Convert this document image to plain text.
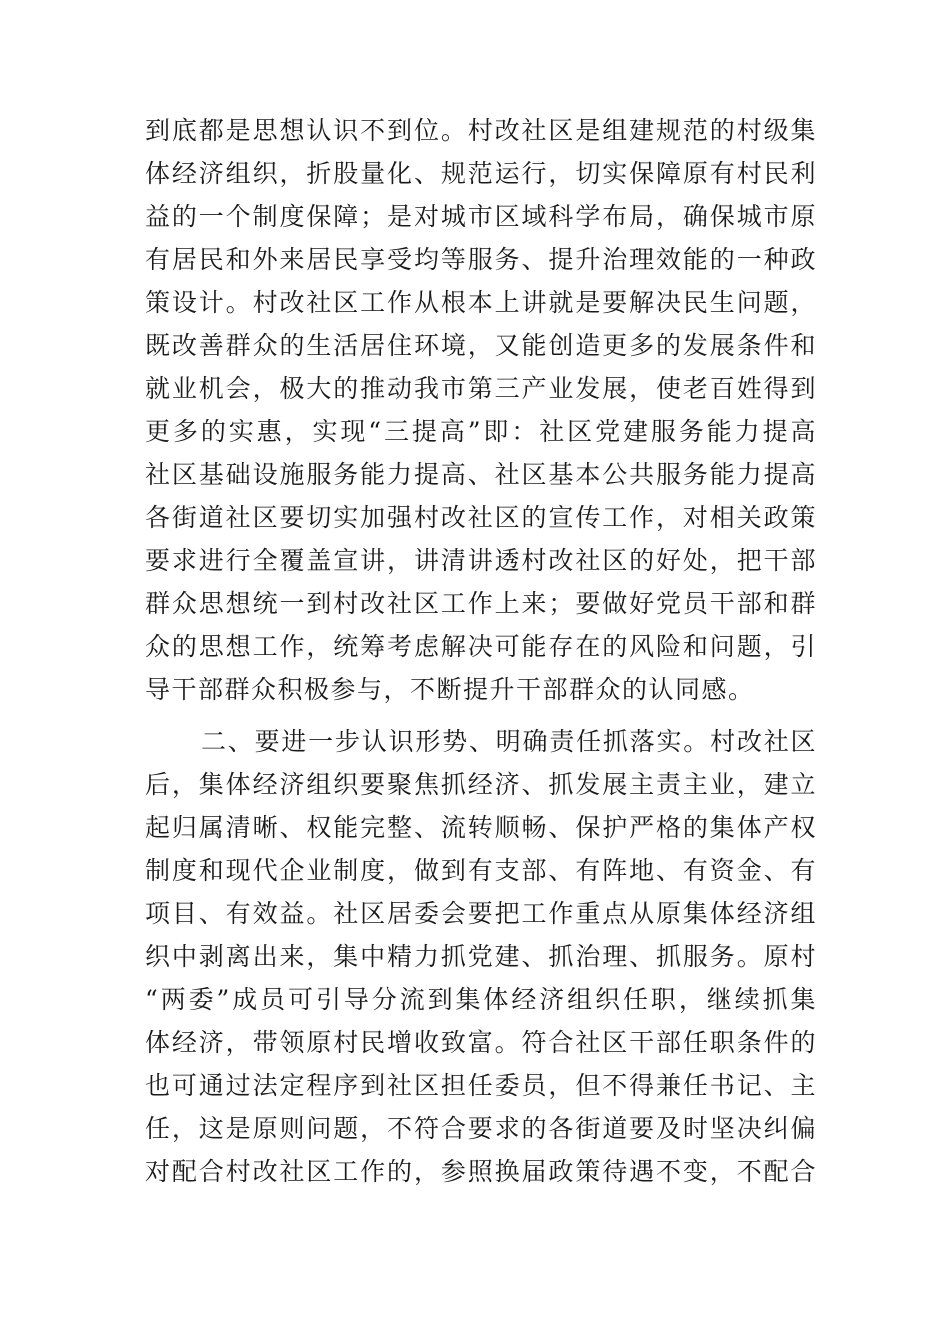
到底都是思想认识不到位。村改社区是组建规范的村级集
体经济组织，折股量化、规范运行，切实保障原有村民利
益的一个制度保障；是对城市区域科学布局，确保城市原
有居民和外来居民享受均等服务、提升治理效能的一种政
策设计。村改社区工作从根本上讲就是要解决民生问题，
既改善群众的生活居住环境，又能创造更多的发展条件和
就业机会，极大的推动我市第三产业发展，使老百姓得到
更多的实惠，实现“三提高”即：社区党建服务能力提高
社区基础设施服务能力提高、社区基本公共服务能力提高
各街道社区要切实加强村改社区的宣传工作，对相关政策
要求进行全覆盖宣讲，讲清讲透村改社区的好处，把干部
群众思想统一到村改社区工作上来；要做好党员干部和群
众的思想工作，统筹考虑解决可能存在的风险和问题，引
导干部群众积极参与，不断提升干部群众的认同感。
二、要进一步认识形势、明确责任抓落实。村改社区
后，集体经济组织要聚焦抓经济、抓发展主责主业，建立
起归属清晰、权能完整、流转顺畅、保护严格的集体产权
制度和现代企业制度，做到有支部、有阵地、有资金、有
项目、有效益。社区居委会要把工作重点从原集体经济组
织中剥离出来，集中精力抓党建、抓治理、抓服务。原村
“两委”成员可引导分流到集体经济组织任职，继续抓集
体经济，带领原村民增收致富。符合社区干部任职条件的
也可通过法定程序到社区担任委员，但不得兼任书记、主
任，这是原则问题，不符合要求的各街道要及时坚决纠偏
对配合村改社区工作的，参照换届政策待遇不变，不配合
